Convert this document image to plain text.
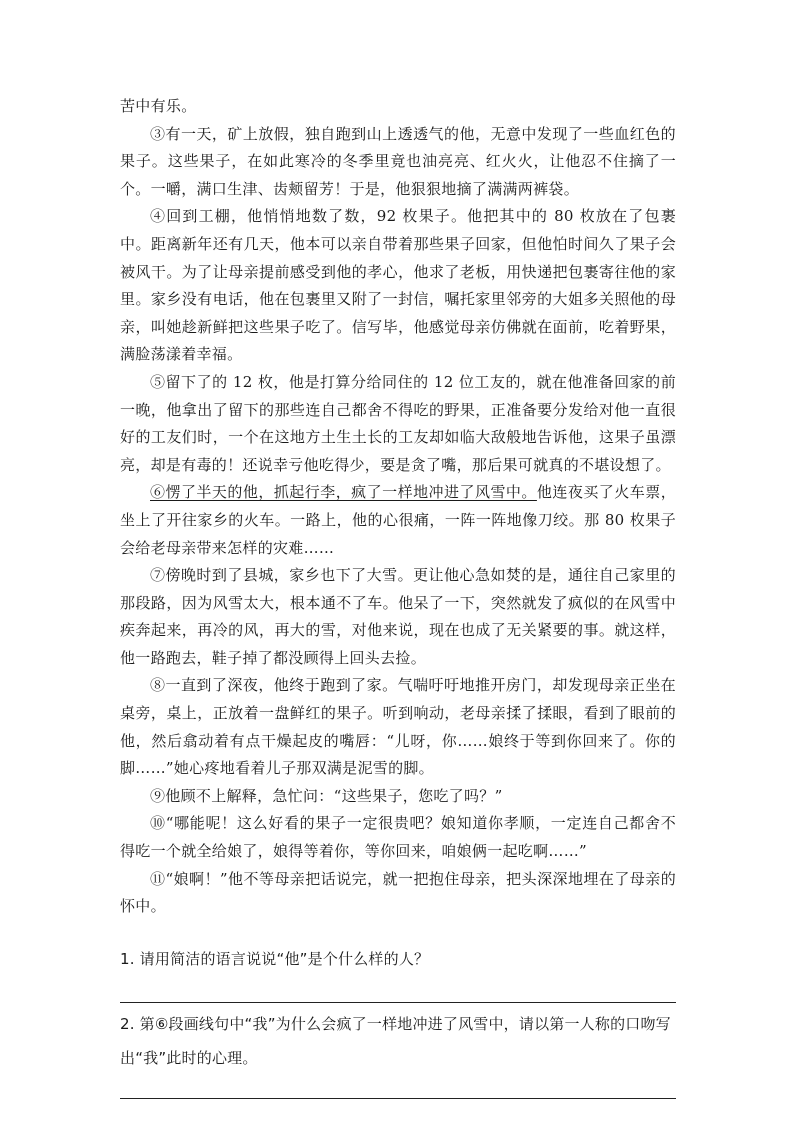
苦中有乐。

③有一天，矿上放假，独自跑到山上透透气的他，无意中发现了一些血红色的果子。这些果子，在如此寒冷的冬季里竟也油亮亮、红火火，让他忍不住摘了一个。一嚼，满口生津、齿颊留芳！于是，他狠狠地摘了满满两裤袋。

④回到工棚，他悄悄地数了数，92 枚果子。他把其中的 80 枚放在了包裹中。距离新年还有几天，他本可以亲自带着那些果子回家，但他怕时间久了果子会被风干。为了让母亲提前感受到他的孝心，他求了老板，用快递把包裹寄往他的家里。家乡没有电话，他在包裹里又附了一封信，嘱托家里邻旁的大姐多关照他的母亲，叫她趁新鲜把这些果子吃了。信写毕，他感觉母亲仿佛就在面前，吃着野果，满脸荡漾着幸福。

⑤留下了的 12 枚，他是打算分给同住的 12 位工友的，就在他准备回家的前一晚，他拿出了留下的那些连自己都舍不得吃的野果，正准备要分发给对他一直很好的工友们时，一个在这地方土生土长的工友却如临大敌般地告诉他，这果子虽漂亮，却是有毒的！还说幸亏他吃得少，要是贪了嘴，那后果可就真的不堪设想了。

⑥愣了半天的他，抓起行李，疯了一样地冲进了风雪中。他连夜买了火车票，坐上了开往家乡的火车。一路上，他的心很痛，一阵一阵地像刀绞。那 80 枚果子会给老母亲带来怎样的灾难……

⑦傍晚时到了县城，家乡也下了大雪。更让他心急如焚的是，通往自己家里的那段路，因为风雪太大，根本通不了车。他呆了一下，突然就发了疯似的在风雪中疾奔起来，再冷的风，再大的雪，对他来说，现在也成了无关紧要的事。就这样，他一路跑去，鞋子掉了都没顾得上回头去捡。

⑧一直到了深夜，他终于跑到了家。气喘吁吁地推开房门，却发现母亲正坐在桌旁，桌上，正放着一盘鲜红的果子。听到响动，老母亲揉了揉眼，看到了眼前的他，然后翕动着有点干燥起皮的嘴唇：“儿呀，你……娘终于等到你回来了。你的脚……”她心疼地看着儿子那双满是泥雪的脚。

⑨他顾不上解释，急忙问：“这些果子，您吃了吗？”

⑩“哪能呢！这么好看的果子一定很贵吧？娘知道你孝顺，一定连自己都舍不得吃一个就全给娘了，娘得等着你，等你回来，咱娘俩一起吃啊……”

⑪“娘啊！”他不等母亲把话说完，就一把抱住母亲，把头深深地埋在了母亲的怀中。

1. 请用简洁的语言说说“他”是个什么样的人？

2. 第⑥段画线句中“我”为什么会疯了一样地冲进了风雪中，请以第一人称的口吻写出“我”此时的心理。
